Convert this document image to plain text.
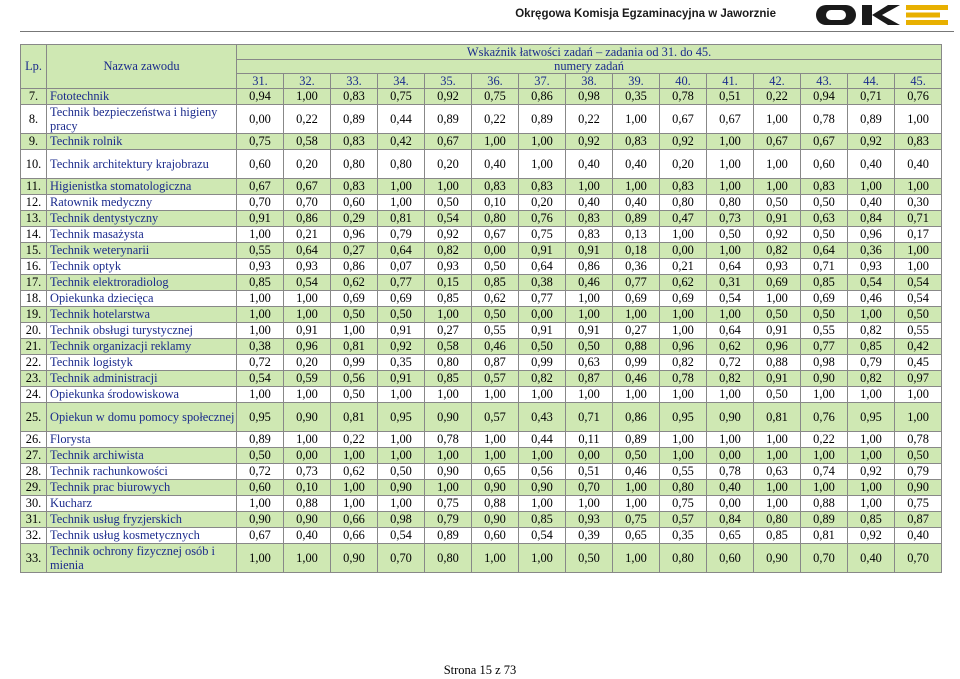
Okręgowa Komisja Egzaminacyjna w Jaworznie
Lp.	Nazwa zawodu	Wskaźnik łatwości zadań – zadania od 31. do 45.														
		numery zadań														
		31.	32.	33.	34.	35.	36.	37.	38.	39.	40.	41.	42.	43.	44.	45.
7.	Fototechnik	0,94	1,00	0,83	0,75	0,92	0,75	0,86	0,98	0,35	0,78	0,51	0,22	0,94	0,71	0,76
8.	Technik bezpieczeństwa i higieny pracy	0,00	0,22	0,89	0,44	0,89	0,22	0,89	0,22	1,00	0,67	0,67	1,00	0,78	0,89	1,00
9.	Technik rolnik	0,75	0,58	0,83	0,42	0,67	1,00	1,00	0,92	0,83	0,92	1,00	0,67	0,67	0,92	0,83
10.	Technik architektury krajobrazu	0,60	0,20	0,80	0,80	0,20	0,40	1,00	0,40	0,40	0,20	1,00	1,00	0,60	0,40	0,40
11.	Higienistka stomatologiczna	0,67	0,67	0,83	1,00	1,00	0,83	0,83	1,00	1,00	0,83	1,00	1,00	0,83	1,00	1,00
12.	Ratownik medyczny	0,70	0,70	0,60	1,00	0,50	0,10	0,20	0,40	0,40	0,80	0,80	0,50	0,50	0,40	0,30
13.	Technik dentystyczny	0,91	0,86	0,29	0,81	0,54	0,80	0,76	0,83	0,89	0,47	0,73	0,91	0,63	0,84	0,71
14.	Technik masażysta	1,00	0,21	0,96	0,79	0,92	0,67	0,75	0,83	0,13	1,00	0,50	0,92	0,50	0,96	0,17
15.	Technik weterynarii	0,55	0,64	0,27	0,64	0,82	0,00	0,91	0,91	0,18	0,00	1,00	0,82	0,64	0,36	1,00
16.	Technik optyk	0,93	0,93	0,86	0,07	0,93	0,50	0,64	0,86	0,36	0,21	0,64	0,93	0,71	0,93	1,00
17.	Technik elektroradiolog	0,85	0,54	0,62	0,77	0,15	0,85	0,38	0,46	0,77	0,62	0,31	0,69	0,85	0,54	0,54
18.	Opiekunka dziecięca	1,00	1,00	0,69	0,69	0,85	0,62	0,77	1,00	0,69	0,69	0,54	1,00	0,69	0,46	0,54
19.	Technik hotelarstwa	1,00	1,00	0,50	0,50	1,00	0,50	0,00	1,00	1,00	1,00	1,00	0,50	0,50	1,00	0,50
20.	Technik obsługi turystycznej	1,00	0,91	1,00	0,91	0,27	0,55	0,91	0,91	0,27	1,00	0,64	0,91	0,55	0,82	0,55
21.	Technik organizacji reklamy	0,38	0,96	0,81	0,92	0,58	0,46	0,50	0,50	0,88	0,96	0,62	0,96	0,77	0,85	0,42
22.	Technik logistyk	0,72	0,20	0,99	0,35	0,80	0,87	0,99	0,63	0,99	0,82	0,72	0,88	0,98	0,79	0,45
23.	Technik administracji	0,54	0,59	0,56	0,91	0,85	0,57	0,82	0,87	0,46	0,78	0,82	0,91	0,90	0,82	0,97
24.	Opiekunka środowiskowa	1,00	1,00	0,50	1,00	1,00	1,00	1,00	1,00	1,00	1,00	1,00	0,50	1,00	1,00	1,00
25.	Opiekun w domu pomocy społecznej	0,95	0,90	0,81	0,95	0,90	0,57	0,43	0,71	0,86	0,95	0,90	0,81	0,76	0,95	1,00
26.	Florysta	0,89	1,00	0,22	1,00	0,78	1,00	0,44	0,11	0,89	1,00	1,00	1,00	0,22	1,00	0,78
27.	Technik archiwista	0,50	0,00	1,00	1,00	1,00	1,00	1,00	0,00	0,50	1,00	0,00	1,00	1,00	1,00	0,50
28.	Technik rachunkowości	0,72	0,73	0,62	0,50	0,90	0,65	0,56	0,51	0,46	0,55	0,78	0,63	0,74	0,92	0,79
29.	Technik prac biurowych	0,60	0,10	1,00	0,90	1,00	0,90	0,90	0,70	1,00	0,80	0,40	1,00	1,00	1,00	0,90
30.	Kucharz	1,00	0,88	1,00	1,00	0,75	0,88	1,00	1,00	1,00	0,75	0,00	1,00	0,88	1,00	0,75
31.	Technik usług fryzjerskich	0,90	0,90	0,66	0,98	0,79	0,90	0,85	0,93	0,75	0,57	0,84	0,80	0,89	0,85	0,87
32.	Technik usług kosmetycznych	0,67	0,40	0,66	0,54	0,89	0,60	0,54	0,39	0,65	0,35	0,65	0,85	0,81	0,92	0,40
33.	Technik ochrony fizycznej osób i mienia	1,00	1,00	0,90	0,70	0,80	1,00	1,00	0,50	1,00	0,80	0,60	0,90	0,70	0,40	0,70
Strona 15 z 73
